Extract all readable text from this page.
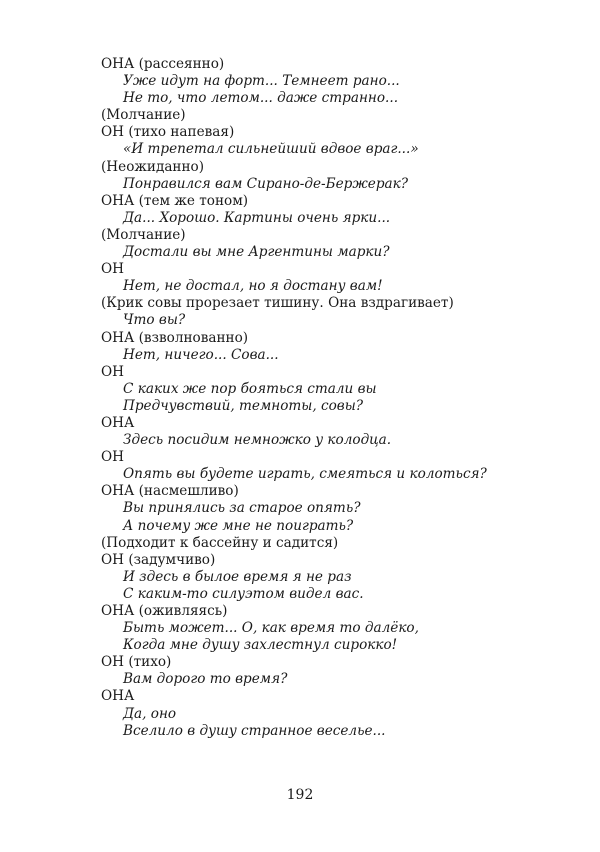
ОНА (рассеянно)
Уже идут на форт... Темнеет рано...
Не то, что летом... даже странно...
(Молчание)
ОН (тихо напевая)
«И трепетал сильнейший вдвое враг...»
(Неожиданно)
Понравился вам Сирано-де-Бержерак?
ОНА (тем же тоном)
Да... Хорошо. Картины очень ярки...
(Молчание)
Достали вы мне Аргентины марки?
ОН
Нет, не достал, но я достану вам!
(Крик совы прорезает тишину. Она вздрагивает)
Что вы?
ОНА (взволнованно)
Нет, ничего... Сова...
ОН
С каких же пор бояться стали вы
Предчувствий, темноты, совы?
ОНА
Здесь посидим немножко у колодца.
ОН
Опять вы будете играть, смеяться и колоться?
ОНА (насмешливо)
Вы принялись за старое опять?
А почему же мне не поиграть?
(Подходит к бассейну и садится)
ОН (задумчиво)
И здесь в былое время я не раз
С каким-то силуэтом видел вас.
ОНА (оживляясь)
Быть может... О, как время то далёко,
Когда мне душу захлестнул сирокко!
ОН (тихо)
Вам дорого то время?
ОНА
Да, оно
Вселило в душу странное веселье...
192
